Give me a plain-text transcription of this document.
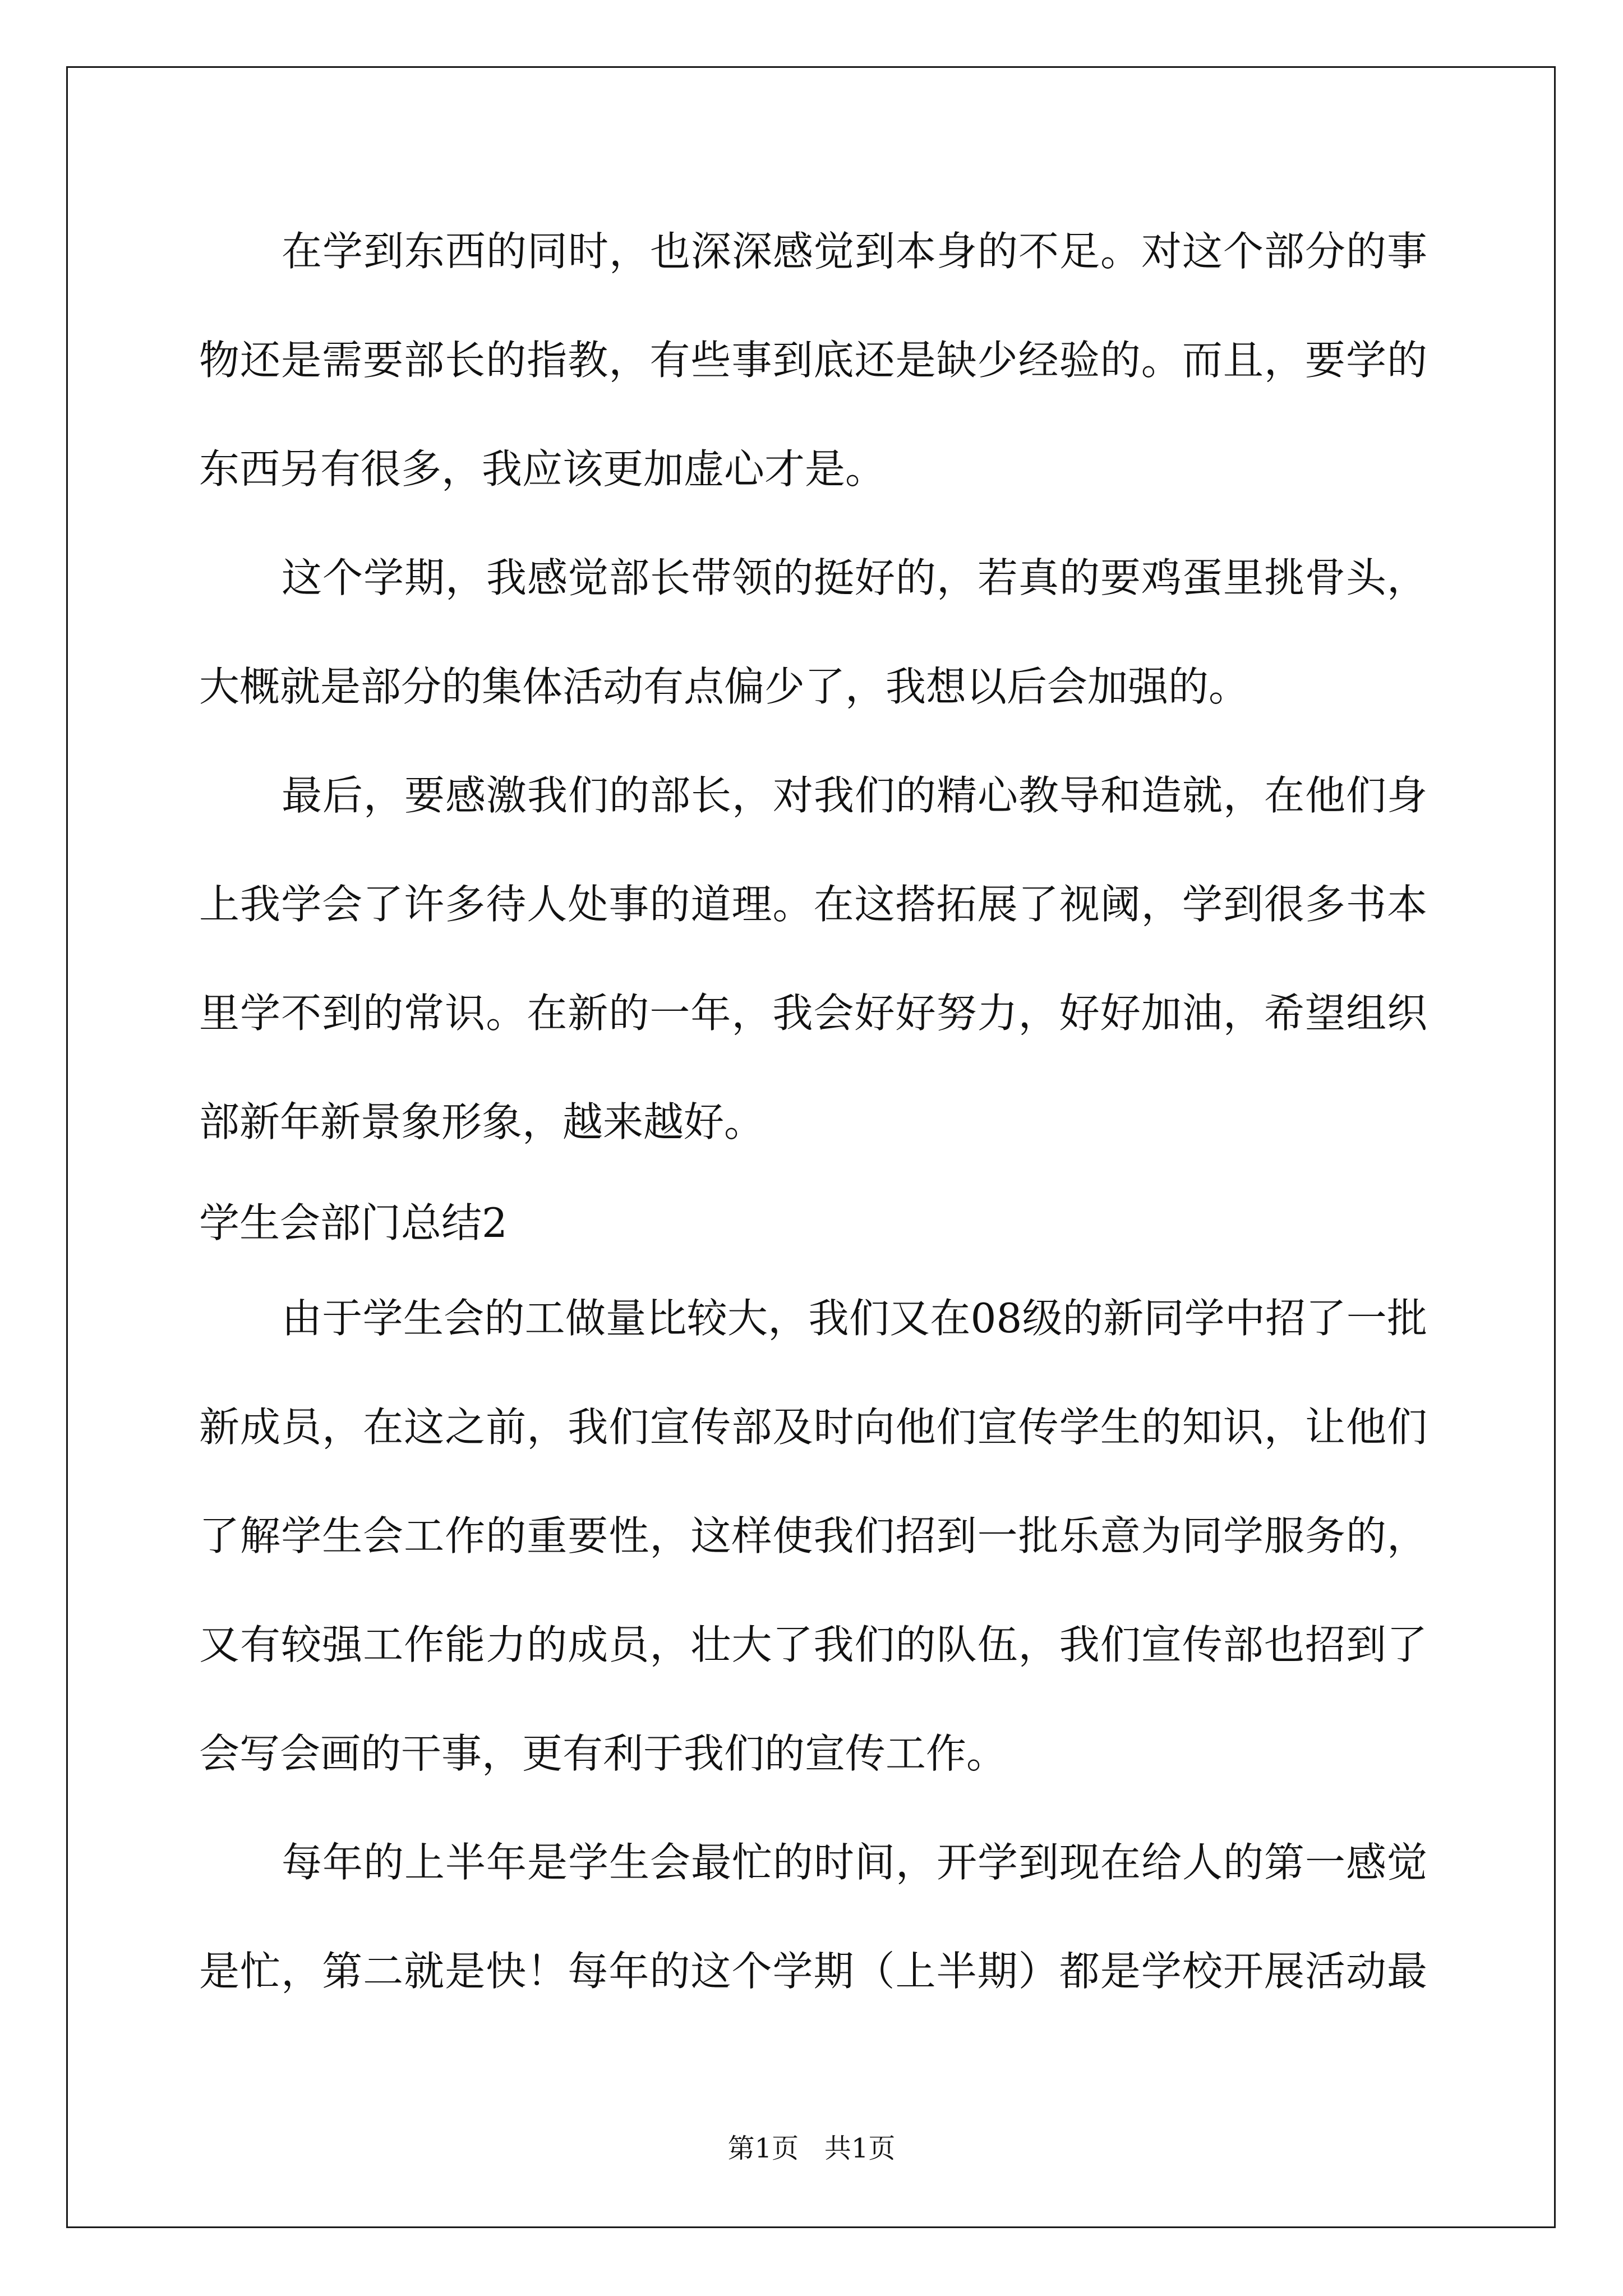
在学到东西的同时，也深深感觉到本身的不足。对这个部分的事
物还是需要部长的指教，有些事到底还是缺少经验的。而且，要学的
东西另有很多，我应该更加虚心才是。
这个学期，我感觉部长带领的挺好的，若真的要鸡蛋里挑骨头，
大概就是部分的集体活动有点偏少了，我想以后会加强的。
最后，要感激我们的部长，对我们的精心教导和造就，在他们身
上我学会了许多待人处事的道理。在这搭拓展了视阈，学到很多书本
里学不到的常识。在新的一年，我会好好努力，好好加油，希望组织
部新年新景象形象，越来越好。
学生会部门总结2
由于学生会的工做量比较大，我们又在08级的新同学中招了一批
新成员，在这之前，我们宣传部及时向他们宣传学生的知识，让他们
了解学生会工作的重要性，这样使我们招到一批乐意为同学服务的，
又有较强工作能力的成员，壮大了我们的队伍，我们宣传部也招到了
会写会画的干事，更有利于我们的宣传工作。
每年的上半年是学生会最忙的时间，开学到现在给人的第一感觉
是忙，第二就是快！每年的这个学期（上半期）都是学校开展活动最
第1页   共1页
